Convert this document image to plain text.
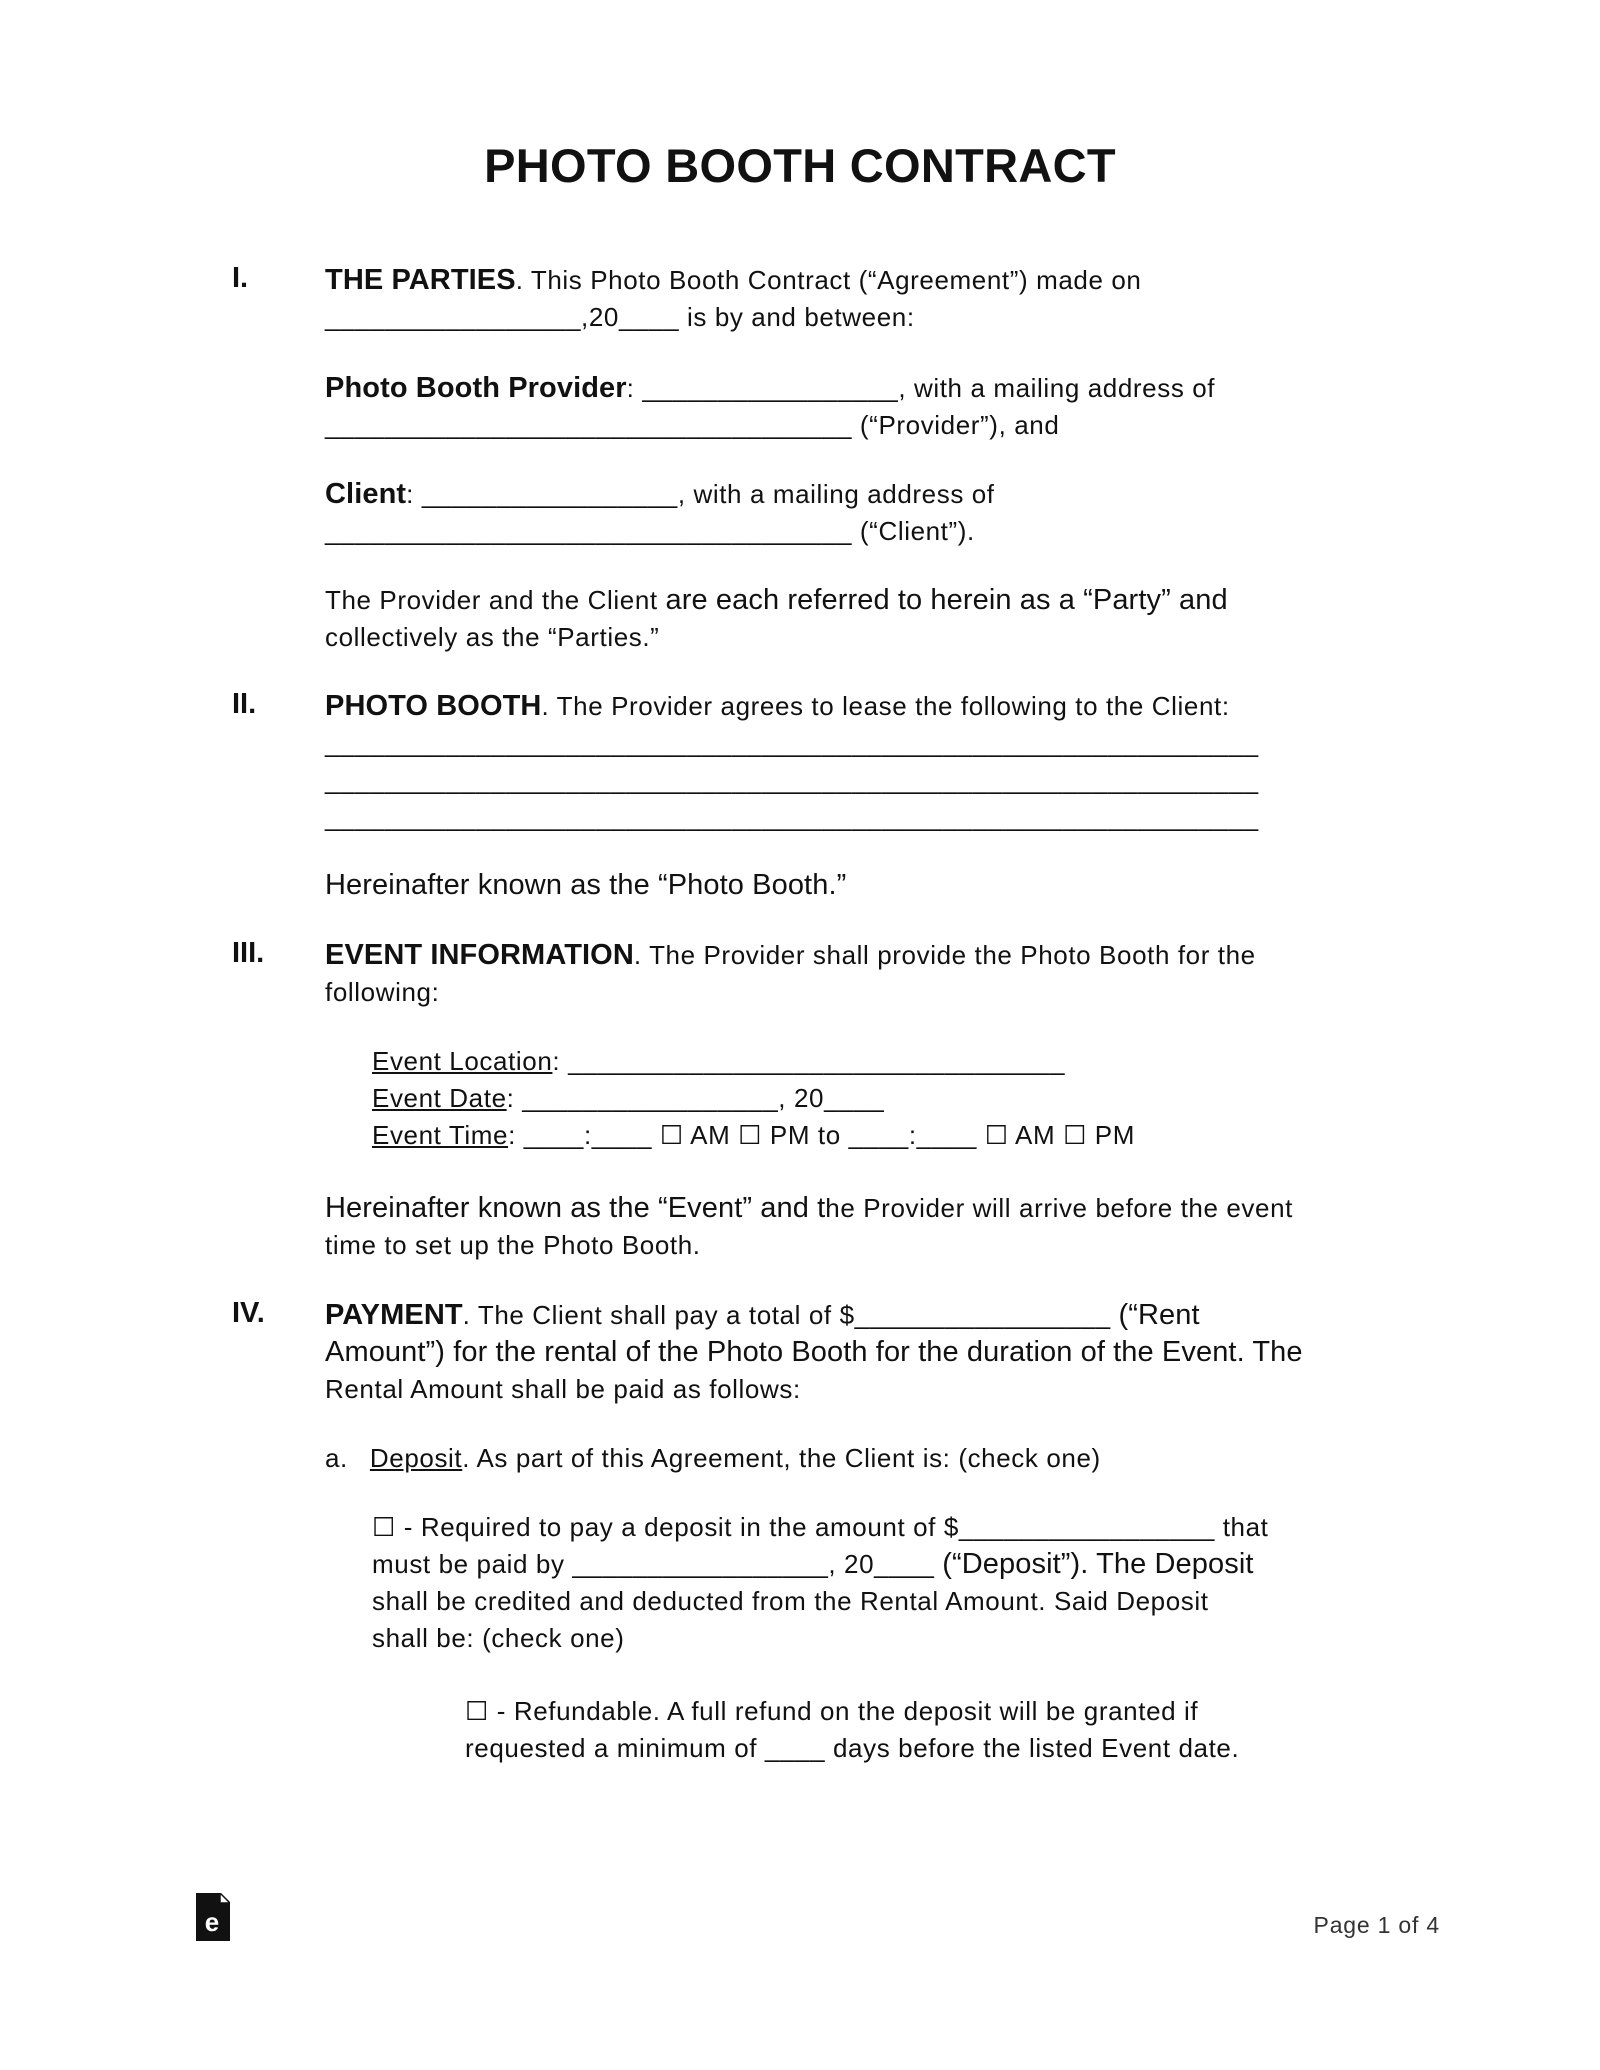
PHOTO BOOTH CONTRACT
I.	THE PARTIES. This Photo Booth Contract (“Agreement”) made on
_________________,20____ is by and between:
Photo Booth Provider: _________________, with a mailing address of
___________________________________ (“Provider”), and
Client: _________________, with a mailing address of
___________________________________ (“Client”).
The Provider and the Client are each referred to herein as a “Party” and
collectively as the “Parties.”
II. PHOTO BOOTH. The Provider agrees to lease the following to the Client:
______________________________________________________________
______________________________________________________________
______________________________________________________________
Hereinafter known as the “Photo Booth.”
III. EVENT INFORMATION. The Provider shall provide the Photo Booth for the
following:
Event Location: _________________________________
Event Date: _________________, 20____
Event Time: ____:____ ☐ AM ☐ PM to ____:____ ☐ AM ☐ PM
Hereinafter known as the “Event” and the Provider will arrive before the event
time to set up the Photo Booth.
IV. PAYMENT. The Client shall pay a total of $_________________ (“Rent
Amount”) for the rental of the Photo Booth for the duration of the Event. The
Rental Amount shall be paid as follows:
a. Deposit. As part of this Agreement, the Client is: (check one)
☐ - Required to pay a deposit in the amount of $_________________ that
must be paid by _________________, 20____ (“Deposit”). The Deposit
shall be credited and deducted from the Rental Amount. Said Deposit
shall be: (check one)
☐ - Refundable. A full refund on the deposit will be granted if
requested a minimum of ____ days before the listed Event date.
e	Page 1 of 4
